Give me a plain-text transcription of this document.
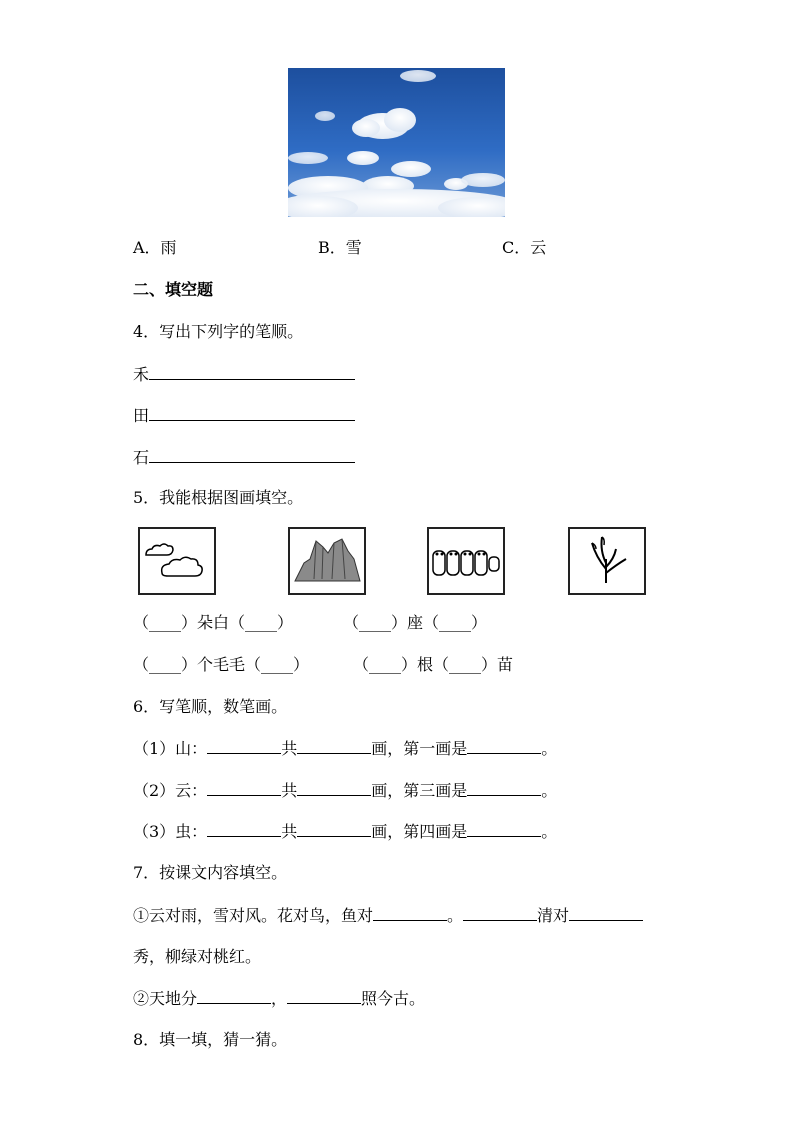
A．雨	B．雪	C．云
二、填空题
4．写出下列字的笔顺。
禾
田
石
5．我能根据图画填空。
（____）朵白（____）	（____）座（____）
（____）个毛毛（____）	（____）根（____）苗
6．写笔顺，数笔画。
（1）山：	共	画，第一画是	。
（2）云：	共	画，第三画是	。
（3）虫：	共	画，第四画是	。
7．按课文内容填空。
①云对雨，雪对风。花对鸟，鱼对	。	清对
秀，柳绿对桃红。
②天地分	，	照今古。
8．填一填，猜一猜。
